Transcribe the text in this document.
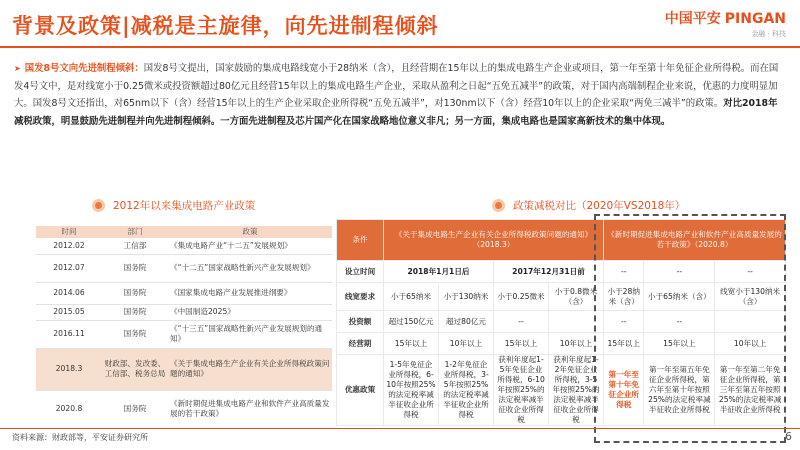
背景及政策|减税是主旋律，向先进制程倾斜	中国平安 PINGAN
金融 · 科技
➤ 国发8号文向先进制程倾斜：国发8号文提出，国家鼓励的集成电路线宽小于28纳米（含），且经营期在15年以上的集成电路生产企业或项目，第一年至第十年免征企业所得税。而在国发4号文中，是对线宽小于0.25微米或投资额超过80亿元且经营15年以上的集成电路生产企业，采取从盈利之日起“五免五减半”的政策，对于国内高端制程企业来说，优惠的力度明显加大。国发8号文还指出，对65nm以下（含）经营15年以上的生产企业采取企业所得税“五免五减半”，对130nm以下（含）经营10年以上的企业采取“两免三减半”的政策。对比2018年减税政策，明显鼓励先进制程并向先进制程倾斜。一方面先进制程及芯片国产化在国家战略地位意义非凡；另一方面，集成电路也是国家高新技术的集中体现。
2012年以来集成电路产业政策	政策减税对比（2020年VS2018年）
时间	部门	政策
2012.02	工信部	《集成电路产业“十二五”发展规划》
2012.07	国务院	《“十二五”国家战略性新兴产业发展规划》
2014.06	国务院	《国家集成电路产业发展推进纲要》
2015.05	国务院	《中国制造2025》
2016.11	国务院	《“十三五”国家战略性新兴产业发展规划的通知》
2018.3	财政部、发改委、工信部、税务总局	《关于集成电路生产企业有关企业所得税政策问题的通知》
2020.8	国务院	《新时期促进集成电路产业和软件产业高质量发展的若干政策》
条件	《关于集成电路生产企业有关企业所得税政策问题的通知》（2018.3）				《新时期促进集成电路产业和软件产业高质量发展的若干政策》（2020.8）		
设立时间	2018年1月1日后		2017年12月31日前		--	--	--
线宽要求	小于65纳米	小于130纳米	小于0.25微米	小于0.8微米（含）	小于28纳米（含）	小于65纳米（含）	线宽小于130纳米（含）
投资额	超过150亿元	超过80亿元	--		--	--	
经营期	15年以上	10年以上	15年以上	10年以上	15年以上	15年以上	10年以上
优惠政策	1-5年免征企业所得税，6-10年按照25%的法定税率减半征收企业所得税	1-2年免征企业所得税，3-5年按照25%的法定税率减半征收企业所得税	获利年度起1-5年免征企业所得税，6-10年按照25%的法定税率减半征收企业所得税	获利年度起1-2年免征企业所得税，3-5年按照25%的法定税率减半征收企业所得税	第一年至第十年免征企业所得税	第一年至第五年免征企业所得税，第六年至第十年按照25%的法定税率减半征收企业所得税	第一年至第二年免征企业所得税，第三年至第五年按照25%的法定税率减半征收企业所得税
资料来源：财政部等，平安证券研究所	6
